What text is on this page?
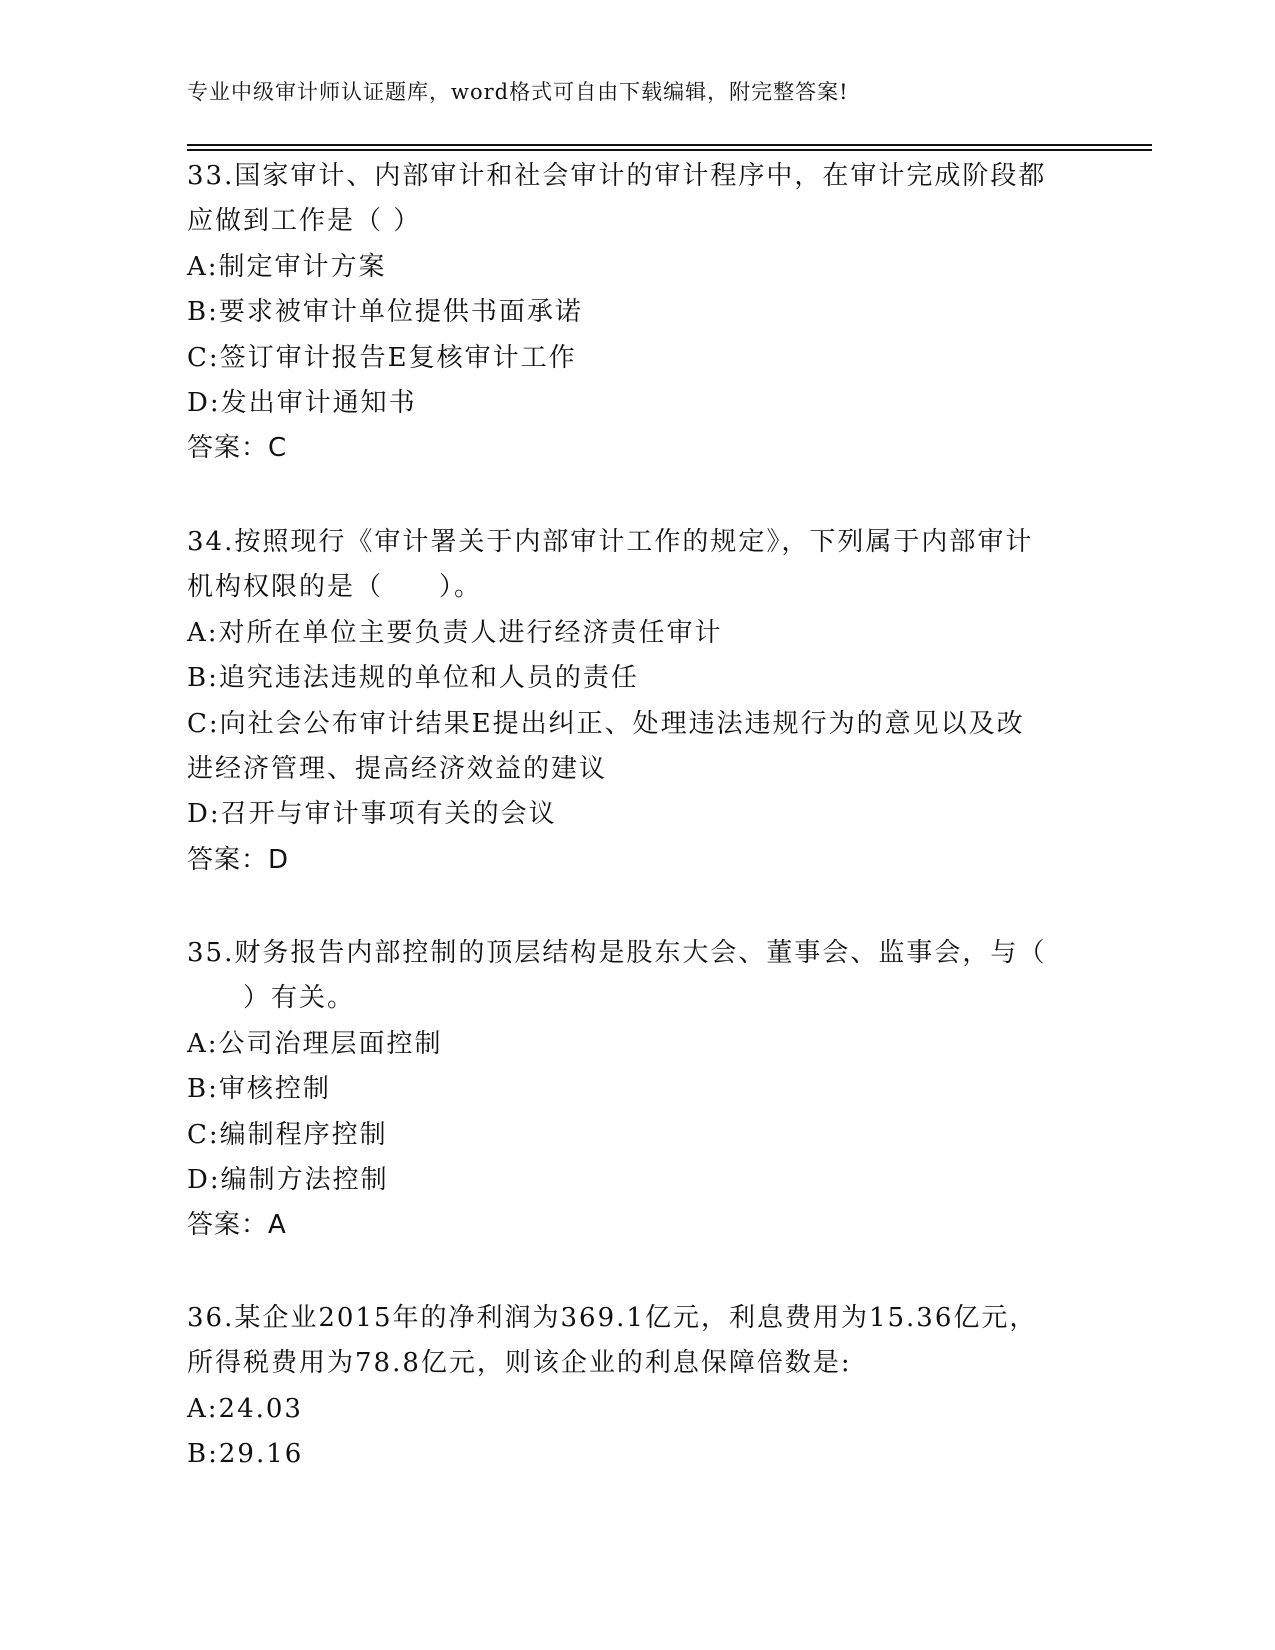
专业中级审计师认证题库，word格式可自由下载编辑，附完整答案!
33.国家审计、内部审计和社会审计的审计程序中，在审计完成阶段都
应做到工作是（ ）
A:制定审计方案
B:要求被审计单位提供书面承诺
C:签订审计报告E复核审计工作
D:发出审计通知书
答案：C
34.按照现行《审计署关于内部审计工作的规定》，下列属于内部审计
机构权限的是（　　）。
A:对所在单位主要负责人进行经济责任审计
B:追究违法违规的单位和人员的责任
C:向社会公布审计结果E提出纠正、处理违法违规行为的意见以及改
进经济管理、提高经济效益的建议
D:召开与审计事项有关的会议
答案：D
35.财务报告内部控制的顶层结构是股东大会、董事会、监事会，与（
　　）有关。
A:公司治理层面控制
B:审核控制
C:编制程序控制
D:编制方法控制
答案：A
36.某企业2015年的净利润为369.1亿元，利息费用为15.36亿元，
所得税费用为78.8亿元，则该企业的利息保障倍数是:
A:24.03
B:29.16
